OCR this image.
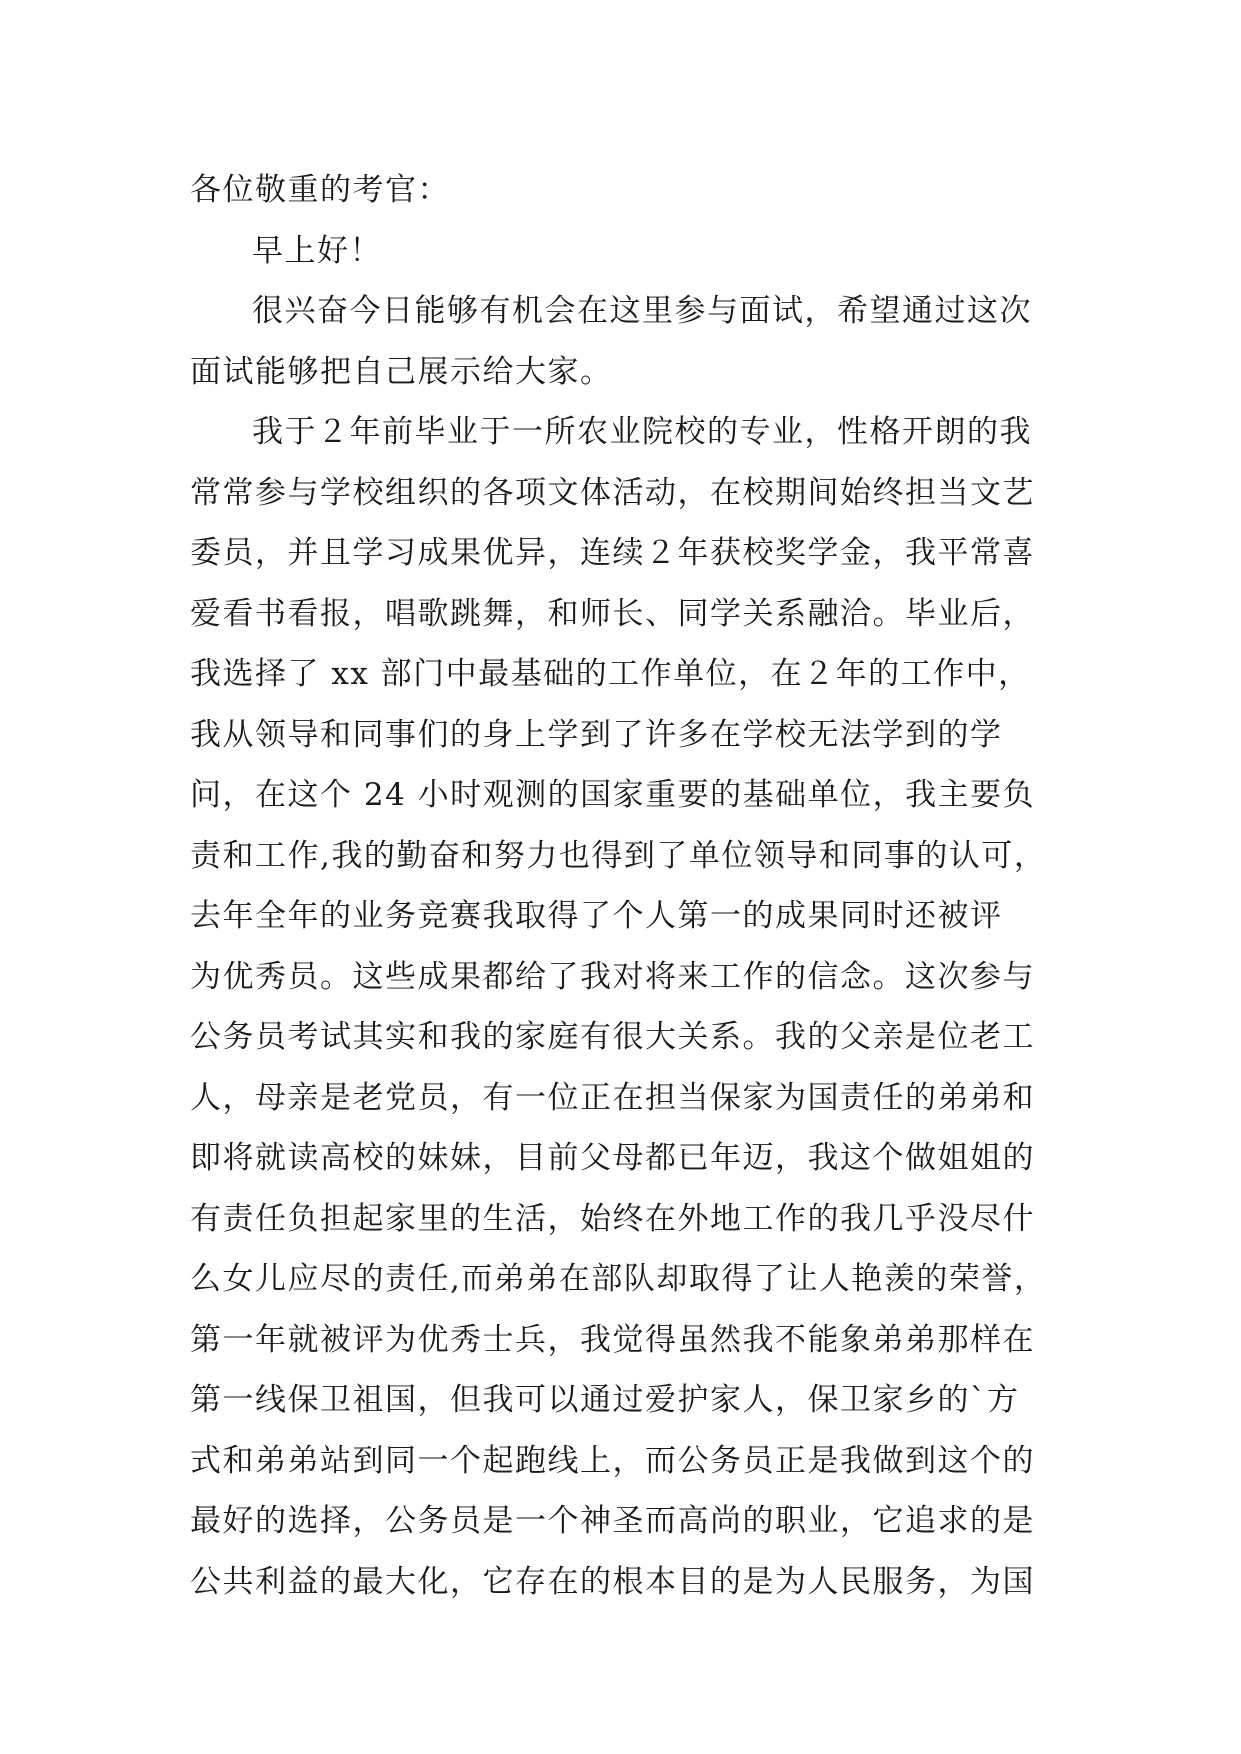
各位敬重的考官：
早上好！
很兴奋今日能够有机会在这里参与面试，希望通过这次
面试能够把自己展示给大家。
我于２年前毕业于一所农业院校的专业，性格开朗的我
常常参与学校组织的各项文体活动，在校期间始终担当文艺
委员，并且学习成果优异，连续２年获校奖学金，我平常喜
爱看书看报，唱歌跳舞，和师长、同学关系融洽。毕业后，
我选择了 xx 部门中最基础的工作单位，在２年的工作中，
我从领导和同事们的身上学到了许多在学校无法学到的学
问，在这个 24 小时观测的国家重要的基础单位，我主要负
责和工作,我的勤奋和努力也得到了单位领导和同事的认可，
去年全年的业务竞赛我取得了个人第一的成果同时还被评
为优秀员。这些成果都给了我对将来工作的信念。这次参与
公务员考试其实和我的家庭有很大关系。我的父亲是位老工
人，母亲是老党员，有一位正在担当保家为国责任的弟弟和
即将就读高校的妹妹，目前父母都已年迈，我这个做姐姐的
有责任负担起家里的生活，始终在外地工作的我几乎没尽什
么女儿应尽的责任,而弟弟在部队却取得了让人艳羡的荣誉，
第一年就被评为优秀士兵，我觉得虽然我不能象弟弟那样在
第一线保卫祖国，但我可以通过爱护家人，保卫家乡的`方
式和弟弟站到同一个起跑线上，而公务员正是我做到这个的
最好的选择，公务员是一个神圣而高尚的职业，它追求的是
公共利益的最大化，它存在的根本目的是为人民服务，为国
